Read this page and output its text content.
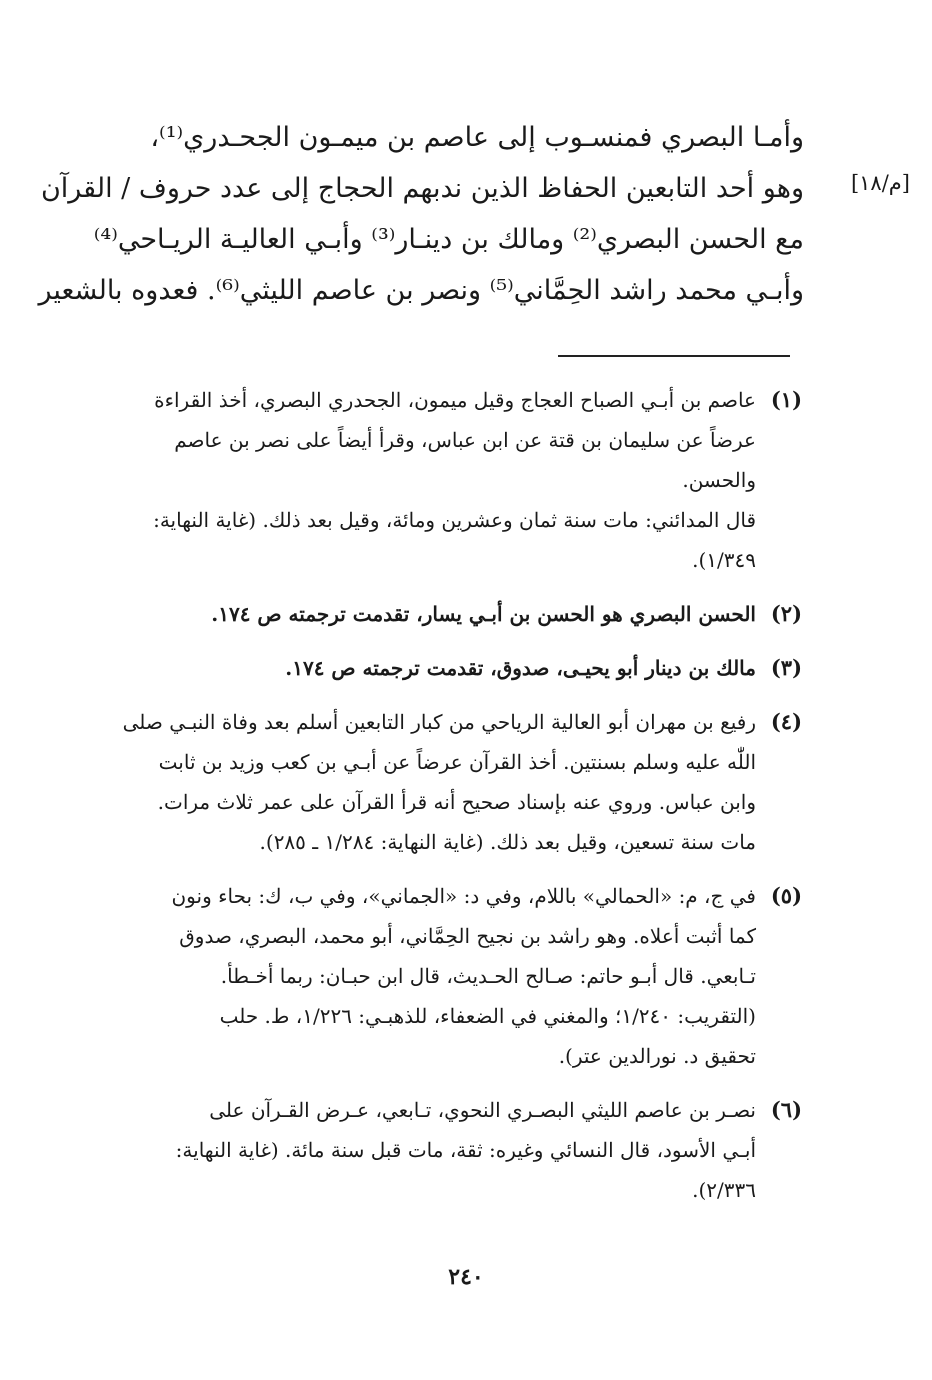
[م/١٨]
وأمـا البصري فمنسـوب إلى عاصم بن ميمـون الجحـدري⁽¹⁾،
وهو أحد التابعين الحفاظ الذين ندبهم الحجاج إلى عدد حروف / القرآن
مع الحسن البصري⁽²⁾ ومالك بن دينـار⁽³⁾ وأبـي العاليـة الريـاحي⁽⁴⁾
وأبـي محمد راشد الحِمَّاني⁽⁵⁾ ونصر بن عاصم الليثي⁽⁶⁾. فعدوه بالشعير
(١)
عاصم بن أبـي الصباح العجاج وقيل ميمون، الجحدري البصري، أخذ القراءة
عرضاً عن سليمان بن قتة عن ابن عباس، وقرأ أيضاً على نصر بن عاصم
والحسن.
قال المدائني: مات سنة ثمان وعشرين ومائة، وقيل بعد ذلك. (غاية النهاية:
١/٣٤٩).
(٢)
الحسن البصري هو الحسن بن أبـي يسار، تقدمت ترجمته ص ١٧٤.
(٣)
مالك بن دينار أبو يحيـى، صدوق، تقدمت ترجمته ص ١٧٤.
(٤)
رفيع بن مهران أبو العالية الرياحي من كبار التابعين أسلم بعد وفاة النبـي صلى
اللّٰه عليه وسلم بسنتين. أخذ القرآن عرضاً عن أبـي بن كعب وزيد بن ثابت
وابن عباس. وروي عنه بإسناد صحيح أنه قرأ القرآن على عمر ثلاث مرات.
مات سنة تسعين، وقيل بعد ذلك. (غاية النهاية: ١/٢٨٤ ـ ٢٨٥).
(٥)
في ج، م: «الحمالي» باللام، وفي د: «الجماني»، وفي ب، ك: بحاء ونون
كما أثبت أعلاه. وهو راشد بن نجيح الحِمَّاني، أبو محمد، البصري، صدوق
تـابعي. قال أبـو حاتم: صـالح الحـديث، قال ابن حبـان: ربما أخـطأ.
(التقريب: ١/٢٤٠؛ والمغني في الضعفاء، للذهبـي: ١/٢٢٦، ط. حلب
تحقيق د. نورالدين عتر).
(٦)
نصـر بن عاصم الليثي البصـري النحوي، تـابعي، عـرض القـرآن على
أبـي الأسود، قال النسائي وغيره: ثقة، مات قبل سنة مائة. (غاية النهاية:
٢/٣٣٦).
٢٤٠
